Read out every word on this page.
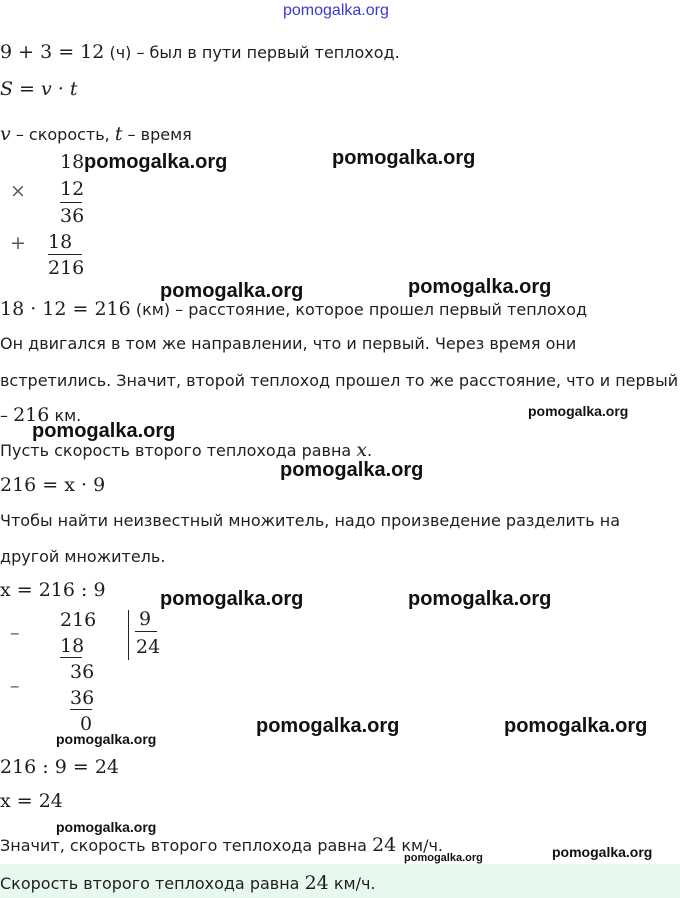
pomogalka.org
9 + 3 = 12 (ч) – был в пути первый теплоход.
S = v · t
v – скорость, t – время
18
× 12
36
+ 18
216
18 · 12 = 216 (км) – расстояние, которое прошел первый теплоход
Он двигался в том же направлении, что и первый. Через время они
встретились. Значит, второй теплоход прошел то же расстояние, что и первый
– 216 км.
Пусть скорость второго теплохода равна x.
216 = x · 9
Чтобы найти неизвестный множитель, надо произведение разделить на
другой множитель.
x = 216 : 9
–
216 9
18	24
–
36
36
0
216 : 9 = 24
x = 24
Значит, скорость второго теплохода равна 24 км/ч.
Скорость второго теплохода равна 24 км/ч.
pomogalka.org	pomogalka.org
pomogalka.org
pomogalka.org
pomogalka.org
pomogalka.org
pomogalka.org
pomogalka.org	pomogalka.org
pomogalka.org	pomogalka.org
pomogalka.org
pomogalka.org
pomogalka.org
pomogalka.org
